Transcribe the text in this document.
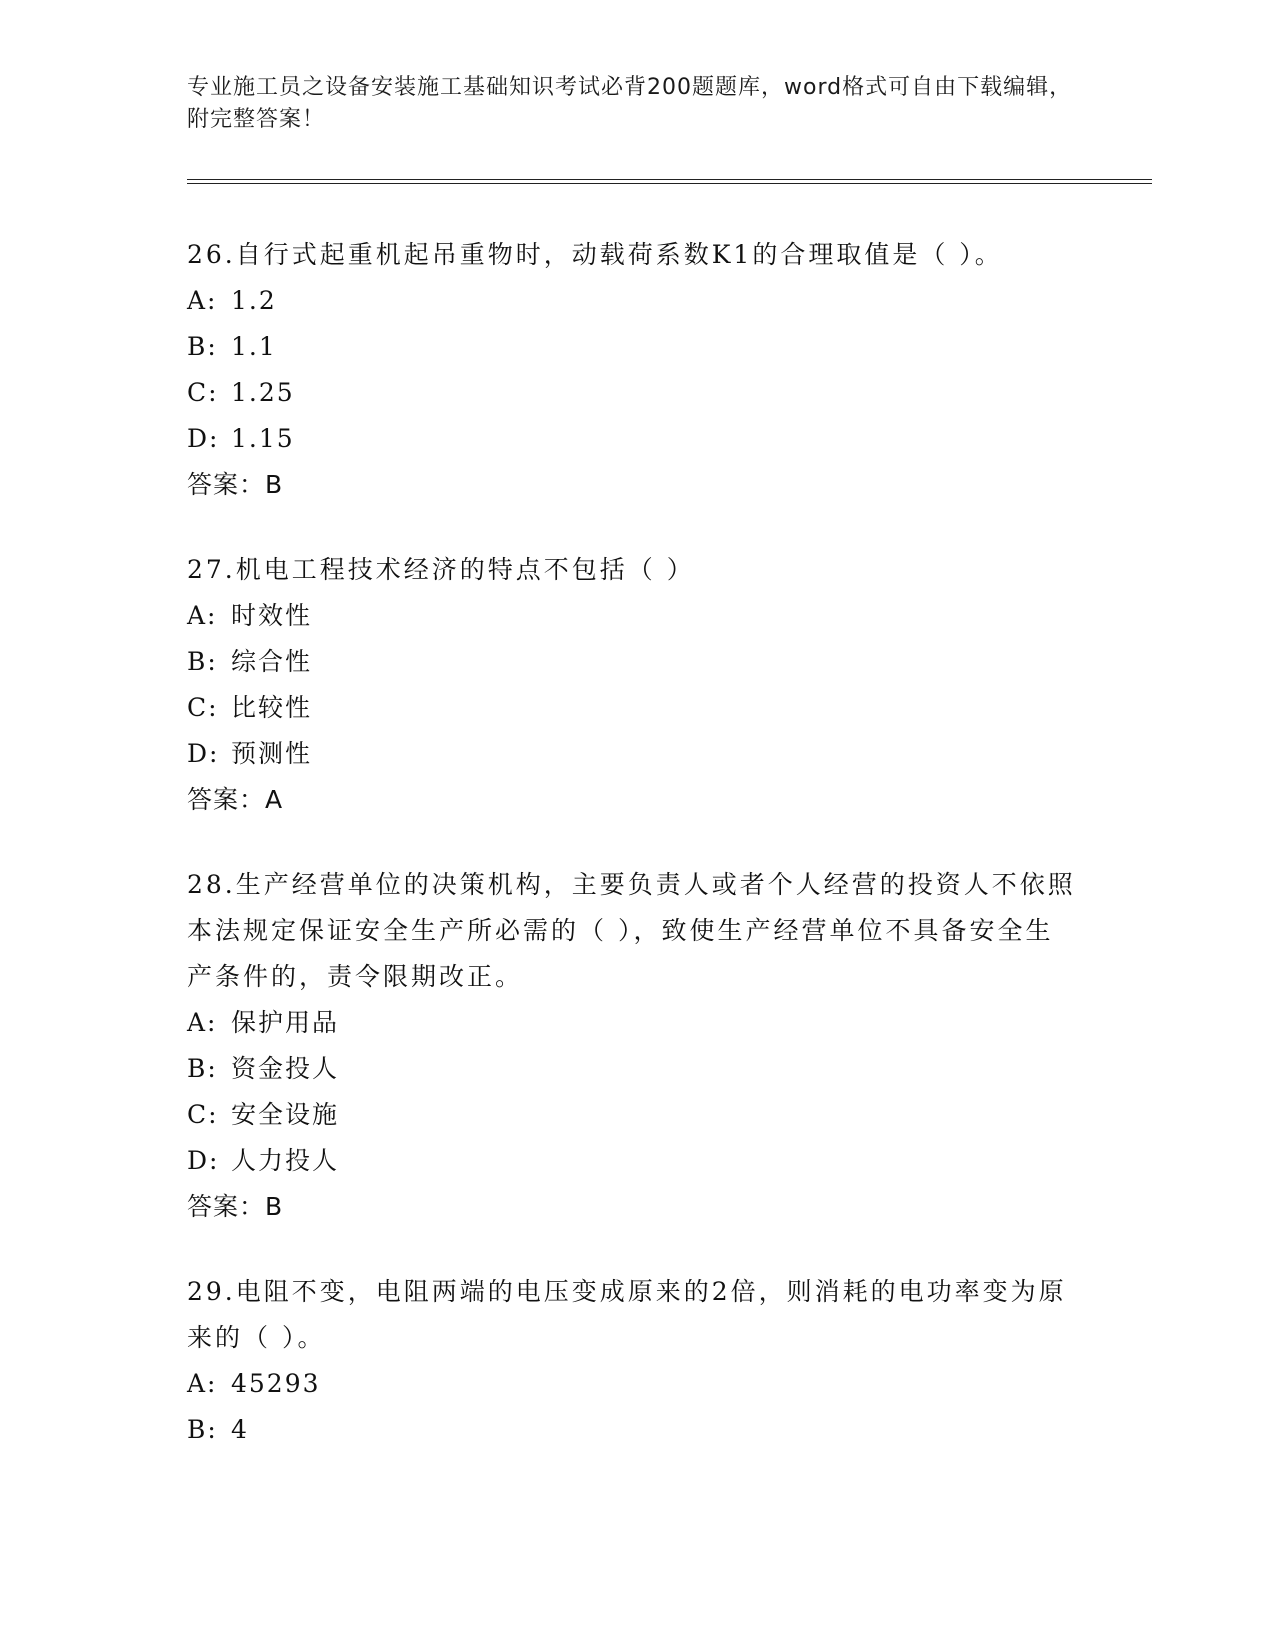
专业施工员之设备安装施工基础知识考试必背200题题库，word格式可自由下载编辑，附完整答案！

26.自行式起重机起吊重物时，动载荷系数K1的合理取值是（ ）。

A: 1.2

B: 1.1

C: 1.25

D: 1.15

答案：B

27.机电工程技术经济的特点不包括（ ）

A: 时效性

B: 综合性

C: 比较性

D: 预测性

答案：A

28.生产经营单位的决策机构，主要负责人或者个人经营的投资人不依照本法规定保证安全生产所必需的（ ），致使生产经营单位不具备安全生产条件的，责令限期改正。

A: 保护用品

B: 资金投人

C: 安全设施

D: 人力投人

答案：B

29.电阻不变，电阻两端的电压变成原来的2倍，则消耗的电功率变为原来的（ ）。

A: 45293

B: 4
